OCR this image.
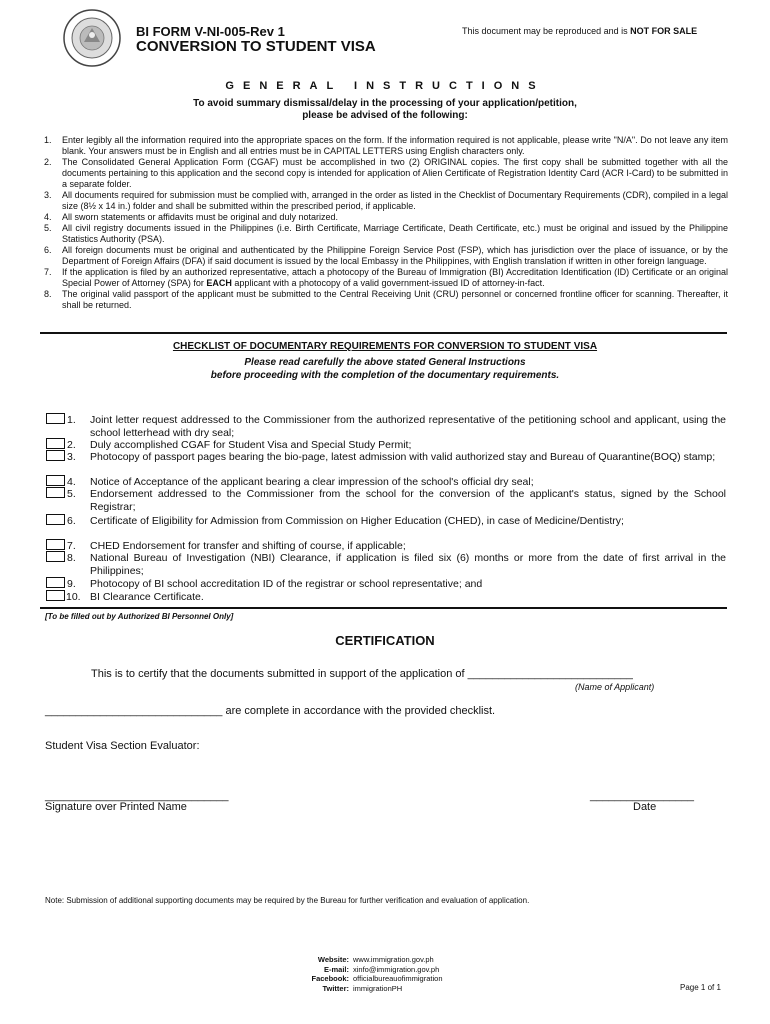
BI FORM V-NI-005-Rev 1
CONVERSION TO STUDENT VISA
This document may be reproduced and is NOT FOR SALE
GENERAL INSTRUCTIONS
To avoid summary dismissal/delay in the processing of your application/petition,
please be advised of the following:
1. Enter legibly all the information required into the appropriate spaces on the form. If the information required is not applicable, please write "N/A". Do not leave any item blank. Your answers must be in English and all entries must be in CAPITAL LETTERS using English characters only.
2. The Consolidated General Application Form (CGAF) must be accomplished in two (2) ORIGINAL copies. The first copy shall be submitted together with all the documents pertaining to this application and the second copy is intended for application of Alien Certificate of Registration Identity Card (ACR I-Card) to be submitted in a separate folder.
3. All documents required for submission must be complied with, arranged in the order as listed in the Checklist of Documentary Requirements (CDR), compiled in a legal size (8½ x 14 in.) folder and shall be submitted within the prescribed period, if applicable.
4. All sworn statements or affidavits must be original and duly notarized.
5. All civil registry documents issued in the Philippines (i.e. Birth Certificate, Marriage Certificate, Death Certificate, etc.) must be original and issued by the Philippine Statistics Authority (PSA).
6. All foreign documents must be original and authenticated by the Philippine Foreign Service Post (FSP), which has jurisdiction over the place of issuance, or by the Department of Foreign Affairs (DFA) if said document is issued by the local Embassy in the Philippines, with English translation if written in other foreign language.
7. If the application is filed by an authorized representative, attach a photocopy of the Bureau of Immigration (BI) Accreditation Identification (ID) Certificate or an original Special Power of Attorney (SPA) for EACH applicant with a photocopy of a valid government-issued ID of attorney-in-fact.
8. The original valid passport of the applicant must be submitted to the Central Receiving Unit (CRU) personnel or concerned frontline officer for scanning. Thereafter, it shall be returned.
CHECKLIST OF DOCUMENTARY REQUIREMENTS FOR CONVERSION TO STUDENT VISA
Please read carefully the above stated General Instructions
before proceeding with the completion of the documentary requirements.
1. Joint letter request addressed to the Commissioner from the authorized representative of the petitioning school and applicant, using the school letterhead with dry seal;
2. Duly accomplished CGAF for Student Visa and Special Study Permit;
3. Photocopy of passport pages bearing the bio-page, latest admission with valid authorized stay and Bureau of Quarantine(BOQ) stamp;
4. Notice of Acceptance of the applicant bearing a clear impression of the school's official dry seal;
5. Endorsement addressed to the Commissioner from the school for the conversion of the applicant's status, signed by the School Registrar;
6. Certificate of Eligibility for Admission from Commission on Higher Education (CHED), in case of Medicine/Dentistry;
7. CHED Endorsement for transfer and shifting of course, if applicable;
8. National Bureau of Investigation (NBI) Clearance, if application is filed six (6) months or more from the date of first arrival in the Philippines;
9. Photocopy of BI school accreditation ID of the registrar or school representative; and
10. BI Clearance Certificate.
[To be filled out by Authorized BI Personnel Only]
CERTIFICATION
This is to certify that the documents submitted in support of the application of ___________________________
(Name of Applicant)
_____________________________ are complete in accordance with the provided checklist.
Student Visa Section Evaluator:
______________________________
Signature over Printed Name
_________________
Date
Note: Submission of additional supporting documents may be required by the Bureau for further verification and evaluation of application.
Website: www.immigration.gov.ph
E-mail: xinfo@immigration.gov.ph
Facebook: officialbureauofimmigration
Twitter: immigrationPH	Page 1 of 1
